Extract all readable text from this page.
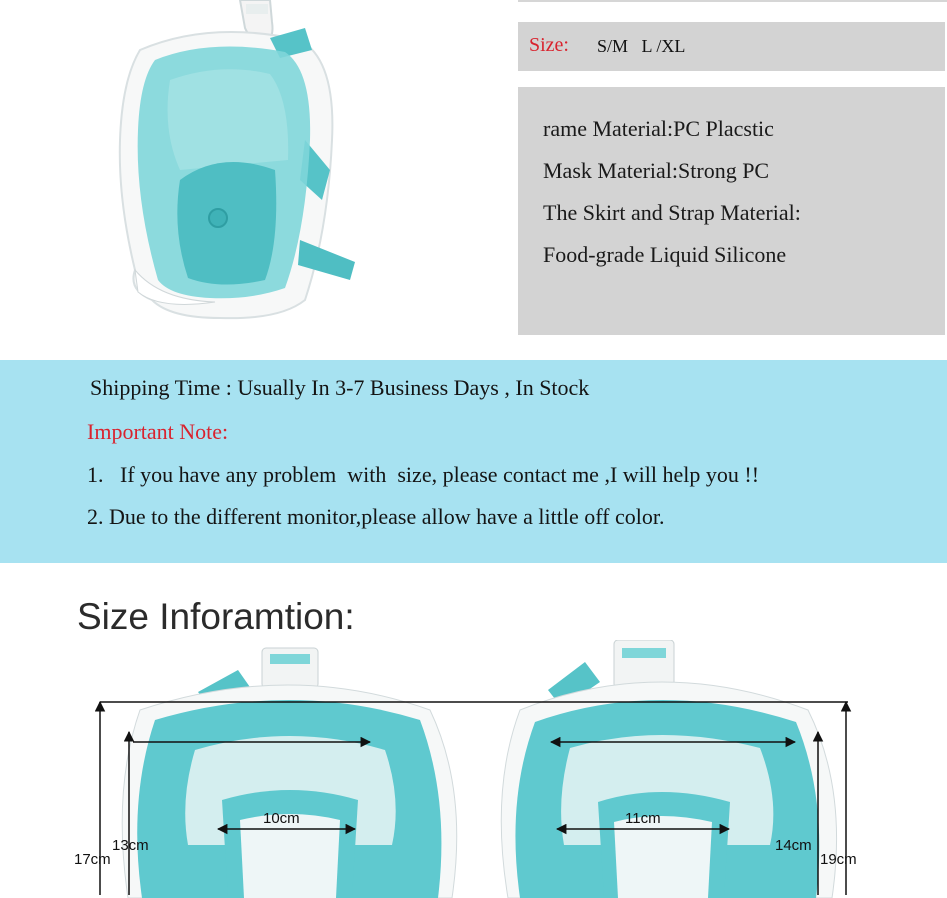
Size: S/M   L /XL
rame Material:PC Placstic
Mask Material:Strong PC
The Skirt and Strap Material:
Food-grade Liquid Silicone
Shipping Time : Usually In 3-7 Business Days , In Stock
Important Note:
1.   If you have any problem  with  size, please contact me ,I will help you !!
2. Due to the different monitor,please allow have a little off color.
Size Inforamtion:
17cm
13cm
10cm	11cm
14cm
19cm
